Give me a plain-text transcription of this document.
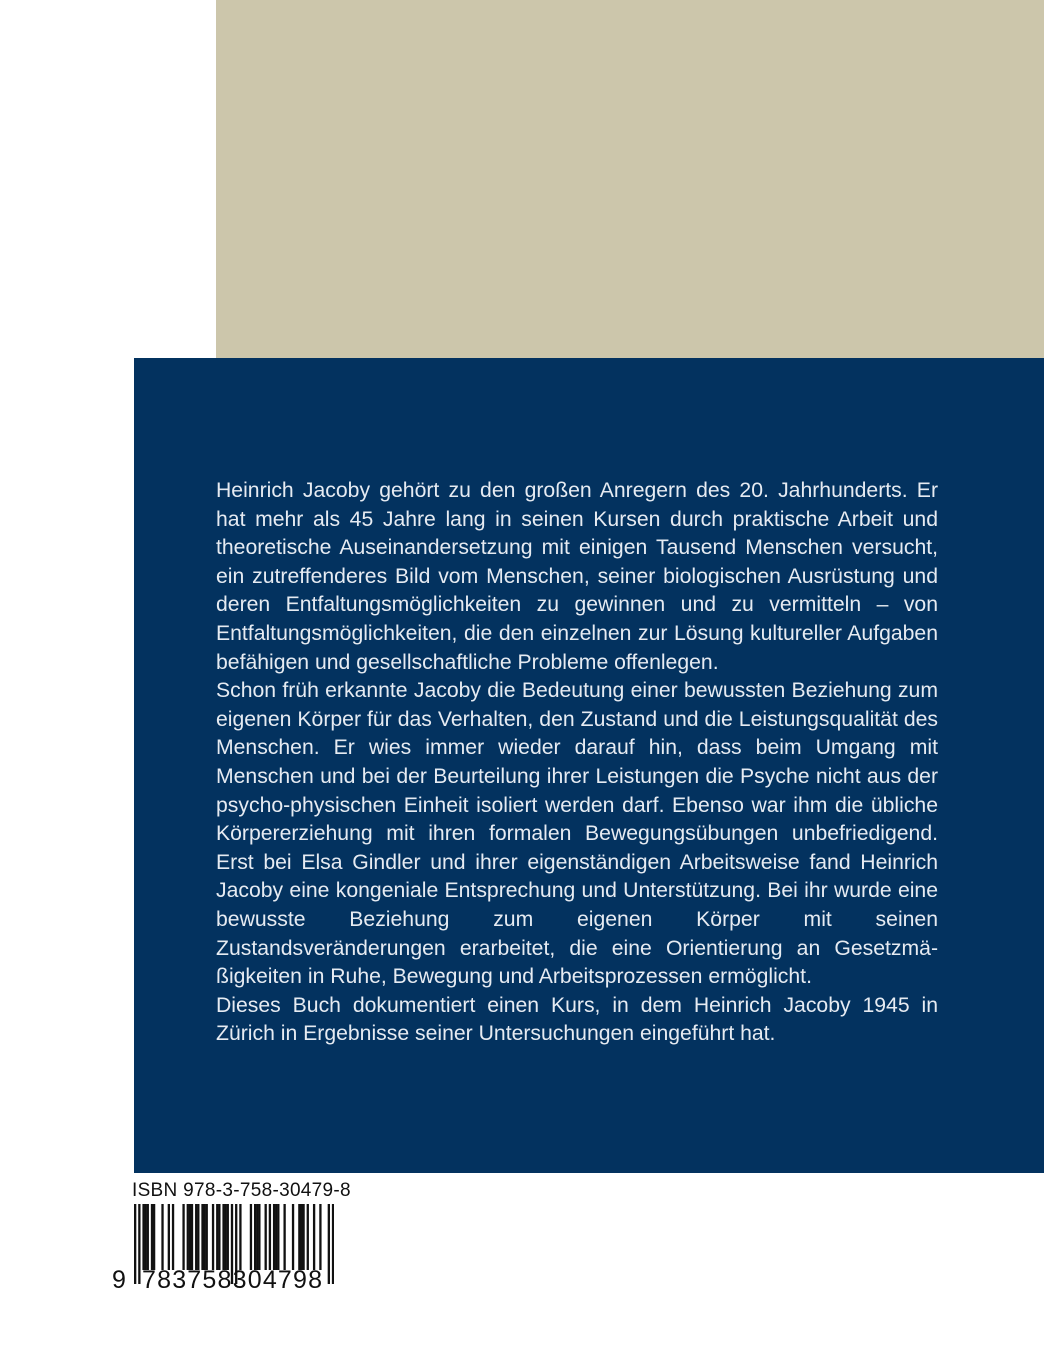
Heinrich Jacoby gehört zu den großen Anregern des 20. Jahrhunderts. Er hat mehr als 45 Jahre lang in seinen Kursen durch praktische Arbeit und theoretische Auseinandersetzung mit einigen Tausend Menschen versucht, ein zutreffenderes Bild vom Menschen, seiner biologischen Ausrüstung und deren Entfaltungsmöglichkeiten zu gewinnen und zu vermitteln – von Entfaltungsmöglichkeiten, die den einzelnen zur Lösung kultureller Aufgaben befähigen und gesellschaftliche Probleme offenlegen.

Schon früh erkannte Jacoby die Bedeutung einer bewussten Beziehung zum eigenen Körper für das Verhalten, den Zustand und die Leistungsqualität des Menschen. Er wies immer wieder darauf hin, dass beim Umgang mit Menschen und bei der Beurteilung ihrer Leistungen die Psyche nicht aus der psycho-physischen Einheit isoliert werden darf. Ebenso war ihm die übliche Körpererziehung mit ihren formalen Bewegungsübungen unbefriedigend. Erst bei Elsa Gindler und ihrer eigenständigen Arbeitsweise fand Heinrich Jacoby eine kongeniale Entsprechung und Unterstützung. Bei ihr wurde eine bewusste Beziehung zum eigenen Körper mit seinen Zustandsveränderungen erarbeitet, die eine Orientierung an Gesetzmäßigkeiten in Ruhe, Bewegung und Arbeitsprozessen ermöglicht.

Dieses Buch dokumentiert einen Kurs, in dem Heinrich Jacoby 1945 in Zürich in Ergebnisse seiner Untersuchungen eingeführt hat.

ISBN 978-3-758-30479-8
9 783758304798
